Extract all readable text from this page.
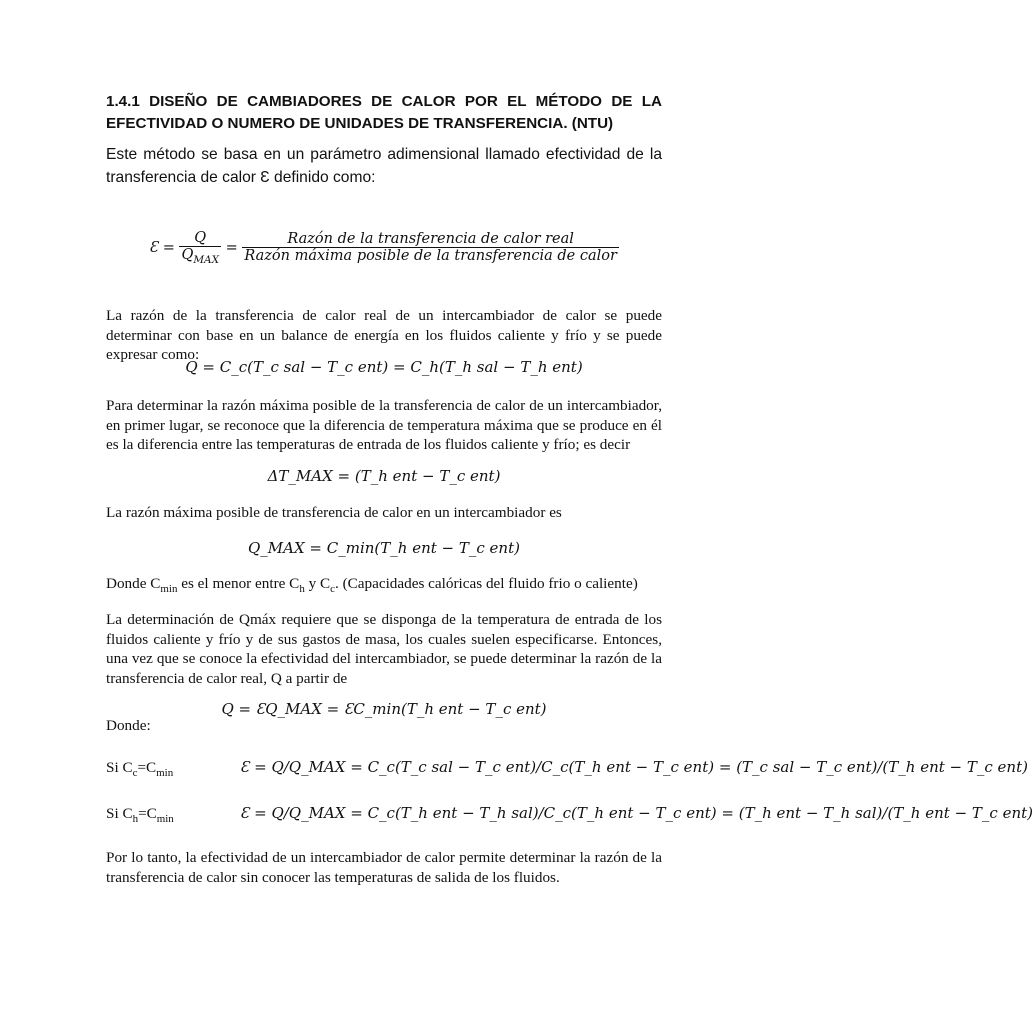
1.4.1 DISEÑO DE CAMBIADORES DE CALOR POR EL MÉTODO DE LA EFECTIVIDAD O NUMERO DE UNIDADES DE TRANSFERENCIA. (NTU)
Este método se basa en un parámetro adimensional llamado efectividad de la transferencia de calor Ɛ definido como:
Ɛ = $\frac{Q}{Q_{MAX}} = \frac{\text{Razón de la transferencia de calor real}}{\text{Razón máxima posible de la transferencia de calor}}$
La razón de la transferencia de calor real de un intercambiador de calor se puede determinar con base en un balance de energía en los fluidos caliente y frío y se puede expresar como:
Q = C_c(T_c sal − T_c ent) = C_h(T_h sal − T_h ent)
Para determinar la razón máxima posible de la transferencia de calor de un intercambiador, en primer lugar, se reconoce que la diferencia de temperatura máxima que se produce en él es la diferencia entre las temperaturas de entrada de los fluidos caliente y frío; es decir
ΔT_MAX = (T_h ent − T_c ent)
La razón máxima posible de transferencia de calor en un intercambiador es
Q_MAX = C_min(T_h ent − T_c ent)
Donde $C_{min}$ es el menor entre $C_h$ y $C_c$. (Capacidades calóricas del fluido frio o caliente)
La determinación de Qmáx requiere que se disponga de la temperatura de entrada de los fluidos caliente y frío y de sus gastos de masa, los cuales suelen especificarse. Entonces, una vez que se conoce la efectividad del intercambiador, se puede determinar la razón de la transferencia de calor real, Q a partir de
Q = ƐQ_MAX = ƐC_min(T_h ent − T_c ent)
Donde:
Si $C_c=C_{min}$	Ɛ = Q/Q_MAX = C_c(T_c sal − T_c ent)/C_c(T_h ent − T_c ent) = (T_c sal − T_c ent)/(T_h ent − T_c ent)
Si $C_h=C_{min}$	Ɛ = Q/Q_MAX = C_c(T_h ent − T_h sal)/C_c(T_h ent − T_c ent) = (T_h ent − T_h sal)/(T_h ent − T_c ent)
Por lo tanto, la efectividad de un intercambiador de calor permite determinar la razón de la transferencia de calor sin conocer las temperaturas de salida de los fluidos.
